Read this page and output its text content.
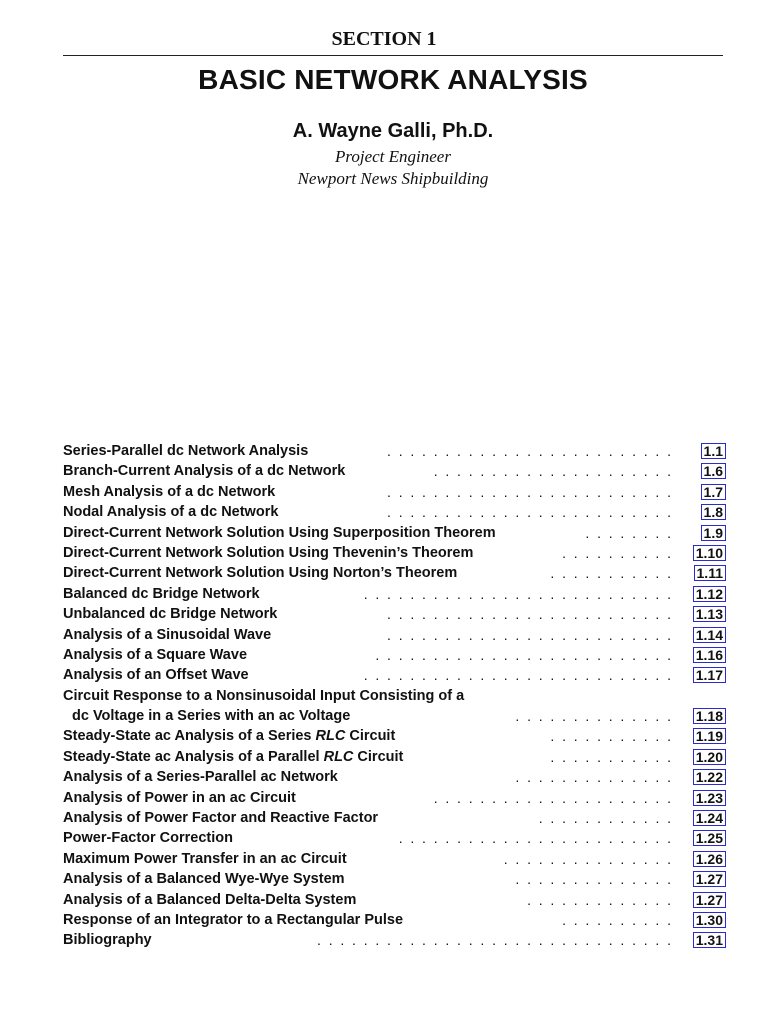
SECTION 1
BASIC NETWORK ANALYSIS
A. Wayne Galli, Ph.D.
Project Engineer
Newport News Shipbuilding
Series-Parallel dc Network Analysis	.  .  .  .  .  .  .  .  .  .  .  .  .  .  .  .  .  .  .  .  .  .  .  .  . 1.1
Branch-Current Analysis of a dc Network	.  .  .  .  .  .  .  .  .  .  .  .  .  .  .  .  .  .  .  .  . 1.6
Mesh Analysis of a dc Network	.  .  .  .  .  .  .  .  .  .  .  .  .  .  .  .  .  .  .  .  .  .  .  .  . 1.7
Nodal Analysis of a dc Network	.  .  .  .  .  .  .  .  .  .  .  .  .  .  .  .  .  .  .  .  .  .  .  .  . 1.8
Direct-Current Network Solution Using Superposition Theorem	.  .  .  .  .  .  .  . 1.9
Direct-Current Network Solution Using Thevenin’s Theorem	.  .  .  .  .  .  .  .  .  . 1.10
Direct-Current Network Solution Using Norton’s Theorem	.  .  .  .  .  .  .  .  .  .  . 1.11
Balanced dc Bridge Network	.  .  .  .  .  .  .  .  .  .  .  .  .  .  .  .  .  .  .  .  .  .  .  .  .  .  . 1.12
Unbalanced dc Bridge Network	.  .  .  .  .  .  .  .  .  .  .  .  .  .  .  .  .  .  .  .  .  .  .  .  . 1.13
Analysis of a Sinusoidal Wave	.  .  .  .  .  .  .  .  .  .  .  .  .  .  .  .  .  .  .  .  .  .  .  .  . 1.14
Analysis of a Square Wave	.  .  .  .  .  .  .  .  .  .  .  .  .  .  .  .  .  .  .  .  .  .  .  .  .  . 1.16
Analysis of an Offset Wave	.  .  .  .  .  .  .  .  .  .  .  .  .  .  .  .  .  .  .  .  .  .  .  .  .  .  . 1.17
Circuit Response to a Nonsinusoidal Input Consisting of a
dc Voltage in a Series with an ac Voltage	.  .  .  .  .  .  .  .  .  .  .  .  .  . 1.18
Steady-State ac Analysis of a Series RLC Circuit	.  .  .  .  .  .  .  .  .  .  . 1.19
Steady-State ac Analysis of a Parallel RLC Circuit	.  .  .  .  .  .  .  .  .  .  . 1.20
Analysis of a Series-Parallel ac Network	.  .  .  .  .  .  .  .  .  .  .  .  .  . 1.22
Analysis of Power in an ac Circuit	.  .  .  .  .  .  .  .  .  .  .  .  .  .  .  .  .  .  .  .  . 1.23
Analysis of Power Factor and Reactive Factor	.  .  .  .  .  .  .  .  .  .  .  . 1.24
Power-Factor Correction	.  .  .  .  .  .  .  .  .  .  .  .  .  .  .  .  .  .  .  .  .  .  .  . 1.25
Maximum Power Transfer in an ac Circuit	.  .  .  .  .  .  .  .  .  .  .  .  .  .  . 1.26
Analysis of a Balanced Wye-Wye System	.  .  .  .  .  .  .  .  .  .  .  .  .  . 1.27
Analysis of a Balanced Delta-Delta System	.  .  .  .  .  .  .  .  .  .  .  .  . 1.27
Response of an Integrator to a Rectangular Pulse	.  .  .  .  .  .  .  .  .  . 1.30
Bibliography	.  .  .  .  .  .  .  .  .  .  .  .  .  .  .  .  .  .  .  .  .  .  .  .  .  .  .  .  .  .  . 1.31
